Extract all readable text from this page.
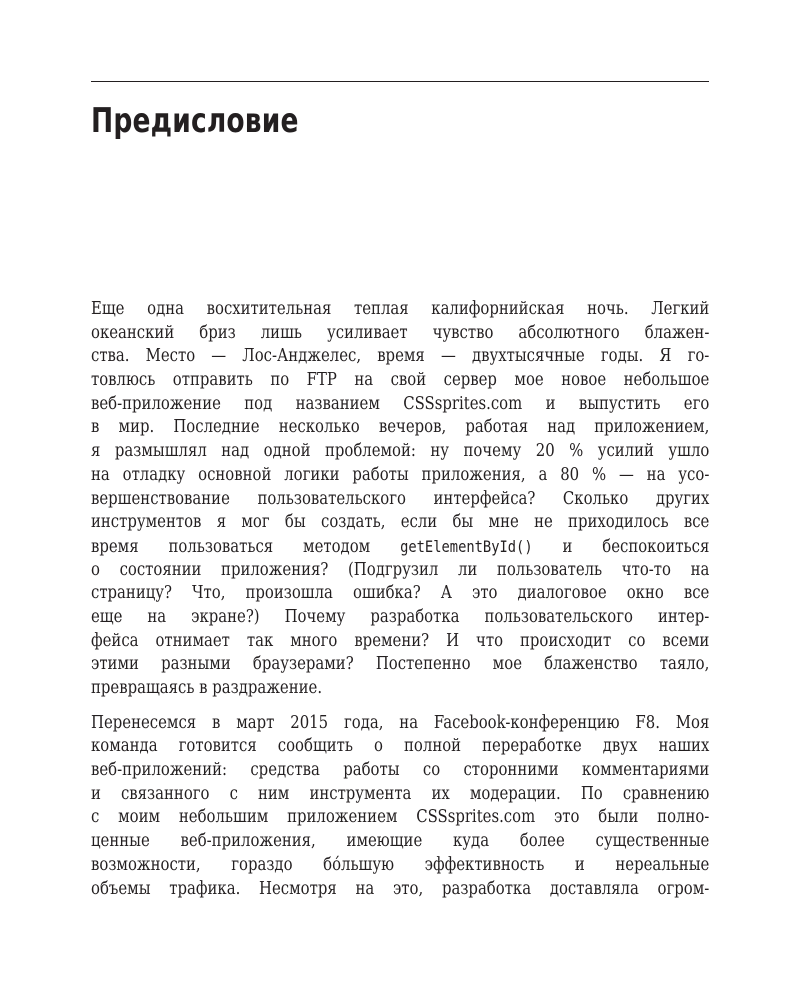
Предисловие
Еще одна восхитительная теплая калифорнийская ночь. Легкий
океанский бриз лишь усиливает чувство абсолютного блажен-
ства. Место — Лос-Анджелес, время — двухтысячные годы. Я го-
товлюсь отправить по FTP на свой сервер мое новое небольшое
веб-приложение под названием CSSsprites.com и выпустить его
в мир. Последние несколько вечеров, работая над приложением,
я размышлял над одной проблемой: ну почему 20 % усилий ушло
на отладку основной логики работы приложения, а 80 % — на усо-
вершенствование пользовательского интерфейса? Сколько других
инструментов я мог бы создать, если бы мне не приходилось все
время пользоваться методом getElementById() и беспокоиться
о состоянии приложения? (Подгрузил ли пользователь что-то на
страницу? Что, произошла ошибка? А это диалоговое окно все
еще на экране?) Почему разработка пользовательского интер-
фейса отнимает так много времени? И что происходит со всеми
этими разными браузерами? Постепенно мое блаженство таяло,
превращаясь в раздражение.
Перенесемся в март 2015 года, на Facebook-конференцию F8. Моя
команда готовится сообщить о полной переработке двух наших
веб-приложений: средства работы со сторонними комментариями
и связанного с ним инструмента их модерации. По сравнению
с моим небольшим приложением CSSsprites.com это были полно-
ценные веб-приложения, имеющие куда более существенные
возможности, гораздо бо́льшую эффективность и нереальные
объемы трафика. Несмотря на это, разработка доставляла огром-
